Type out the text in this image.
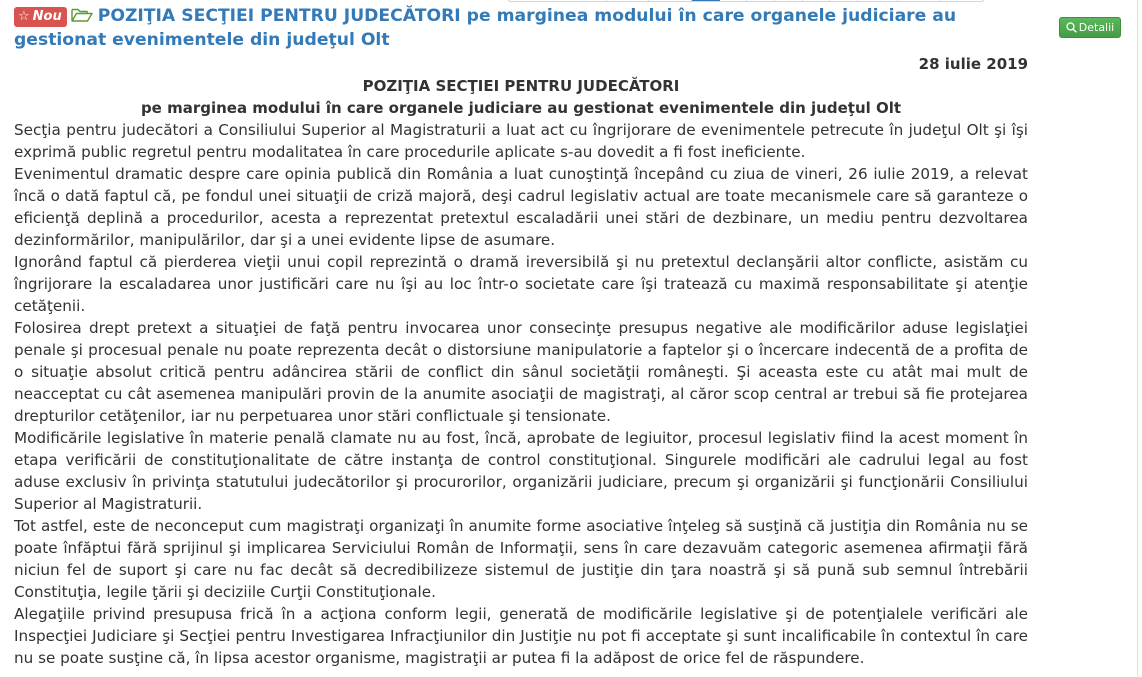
☆ Nou POZIŢIA SECŢIEI PENTRU JUDECĂTORI pe marginea modului în care organele judiciare au gestionat evenimentele din judeţul Olt
Detalii
28 iulie 2019
POZIŢIA SECŢIEI PENTRU JUDECĂTORI
pe marginea modului în care organele judiciare au gestionat evenimentele din judeţul Olt

Secţia pentru judecători a Consiliului Superior al Magistraturii a luat act cu îngrijorare de evenimentele petrecute în judeţul Olt şi îşi exprimă public regretul pentru modalitatea în care procedurile aplicate s-au dovedit a fi fost ineficiente.

Evenimentul dramatic despre care opinia publică din România a luat cunoştinţă începând cu ziua de vineri, 26 iulie 2019, a relevat încă o dată faptul că, pe fondul unei situaţii de criză majoră, deşi cadrul legislativ actual are toate mecanismele care să garanteze o eficienţă deplină a procedurilor, acesta a reprezentat pretextul escaladării unei stări de dezbinare, un mediu pentru dezvoltarea dezinformărilor, manipulărilor, dar şi a unei evidente lipse de asumare.

Ignorând faptul că pierderea vieţii unui copil reprezintă o dramă ireversibilă şi nu pretextul declanşării altor conflicte, asistăm cu îngrijorare la escaladarea unor justificări care nu îşi au loc într-o societate care îşi tratează cu maximă responsabilitate şi atenţie cetăţenii.

Folosirea drept pretext a situaţiei de faţă pentru invocarea unor consecinţe presupus negative ale modificărilor aduse legislaţiei penale şi procesual penale nu poate reprezenta decât o distorsiune manipulatorie a faptelor şi o încercare indecentă de a profita de o situaţie absolut critică pentru adâncirea stării de conflict din sânul societăţii româneşti. Şi aceasta este cu atât mai mult de neacceptat cu cât asemenea manipulări provin de la anumite asociaţii de magistraţi, al căror scop central ar trebui să fie protejarea drepturilor cetăţenilor, iar nu perpetuarea unor stări conflictuale şi tensionate.

Modificările legislative în materie penală clamate nu au fost, încă, aprobate de legiuitor, procesul legislativ fiind la acest moment în etapa verificării de constituţionalitate de către instanţa de control constituţional. Singurele modificări ale cadrului legal au fost aduse exclusiv în privinţa statutului judecătorilor şi procurorilor, organizării judiciare, precum şi organizării şi funcţionării Consiliului Superior al Magistraturii.

Tot astfel, este de neconceput cum magistraţi organizaţi în anumite forme asociative înţeleg să susţină că justiţia din România nu se poate înfăptui fără sprijinul şi implicarea Serviciului Român de Informaţii, sens în care dezavuăm categoric asemenea afirmaţii fără niciun fel de suport şi care nu fac decât să decredibilizeze sistemul de justiţie din ţara noastră şi să pună sub semnul întrebării Constituţia, legile ţării şi deciziile Curţii Constituţionale.

Alegaţiile privind presupusa frică în a acţiona conform legii, generată de modificările legislative şi de potenţialele verificări ale Inspecţiei Judiciare şi Secţiei pentru Investigarea Infracţiunilor din Justiţie nu pot fi acceptate şi sunt incalificabile în contextul în care nu se poate susţine că, în lipsa acestor organisme, magistraţii ar putea fi la adăpost de orice fel de răspundere.
